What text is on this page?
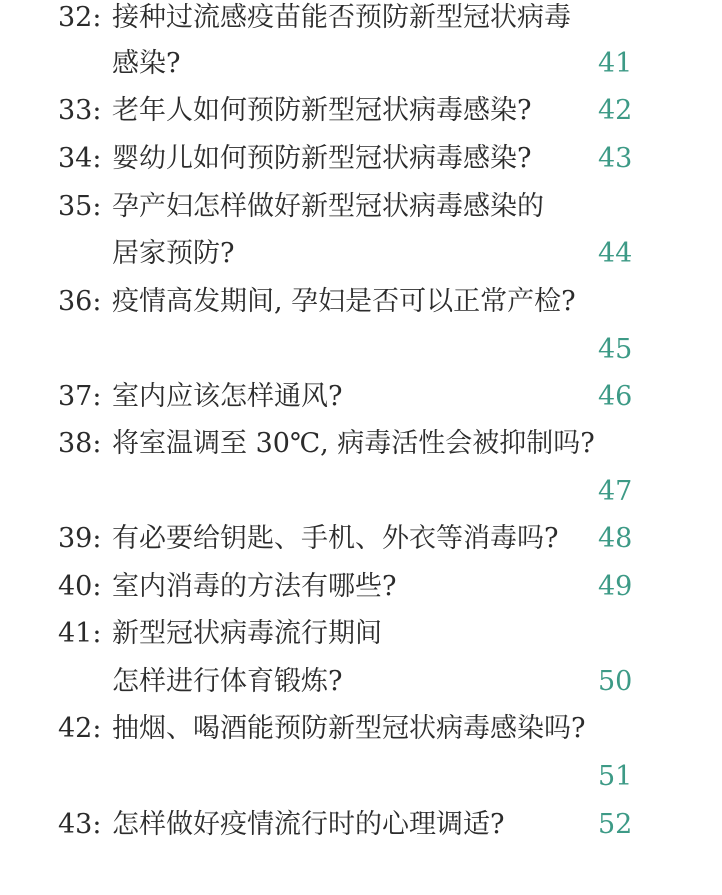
32: 接种过流感疫苗能否预防新型冠状病毒
感染?	41
33: 老年人如何预防新型冠状病毒感染? 42
34: 婴幼儿如何预防新型冠状病毒感染? 43
35: 孕产妇怎样做好新型冠状病毒感染的
居家预防?	44
36: 疫情高发期间, 孕妇是否可以正常产检?
45
37: 室内应该怎样通风?	46
38: 将室温调至 30℃, 病毒活性会被抑制吗?
47
39: 有必要给钥匙、手机、外衣等消毒吗? 48
40: 室内消毒的方法有哪些?	49
41: 新型冠状病毒流行期间
怎样进行体育锻炼?	50
42: 抽烟、喝酒能预防新型冠状病毒感染吗?
51
43: 怎样做好疫情流行时的心理调适?	52
